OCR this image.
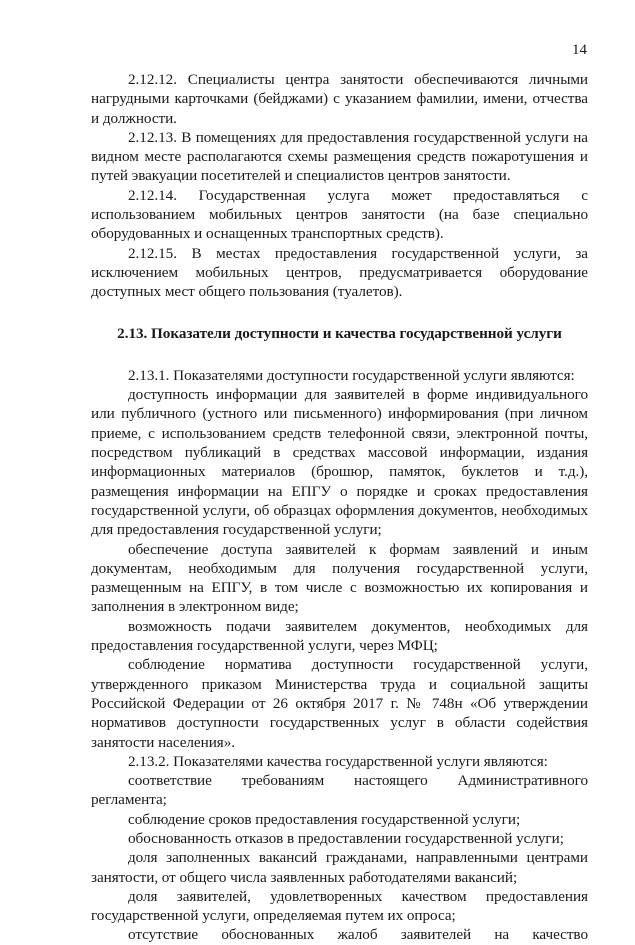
14

2.12.12. Специалисты центра занятости обеспечиваются личными нагрудными карточками (бейджами) с указанием фамилии, имени, отчества и должности.

2.12.13. В помещениях для предоставления государственной услуги на видном месте располагаются схемы размещения средств пожаротушения и путей эвакуации посетителей и специалистов центров занятости.

2.12.14. Государственная услуга может предоставляться с использованием мобильных центров занятости (на базе специально оборудованных и оснащенных транспортных средств).

2.12.15. В местах предоставления государственной услуги, за исключением мобильных центров, предусматривается оборудование доступных мест общего пользования (туалетов).

2.13. Показатели доступности и качества государственной услуги

2.13.1. Показателями доступности государственной услуги являются:

доступность информации для заявителей в форме индивидуального или публичного (устного или письменного) информирования (при личном приеме, с использованием средств телефонной связи, электронной почты, посредством публикаций в средствах массовой информации, издания информационных материалов (брошюр, памяток, буклетов и т.д.), размещения информации на ЕПГУ о порядке и сроках предоставления государственной услуги, об образцах оформления документов, необходимых для предоставления государственной услуги;

обеспечение доступа заявителей к формам заявлений и иным документам, необходимым для получения государственной услуги, размещенным на ЕПГУ, в том числе с возможностью их копирования и заполнения в электронном виде;

возможность подачи заявителем документов, необходимых для предоставления государственной услуги, через МФЦ;

соблюдение норматива доступности государственной услуги, утвержденного приказом Министерства труда и социальной защиты Российской Федерации от 26 октября 2017 г. № 748н «Об утверждении нормативов доступности государственных услуг в области содействия занятости населения».

2.13.2. Показателями качества государственной услуги являются:

соответствие требованиям настоящего Административного регламента;

соблюдение сроков предоставления государственной услуги;

обоснованность отказов в предоставлении государственной услуги;

доля заполненных вакансий гражданами, направленными центрами занятости, от общего числа заявленных работодателями вакансий;

доля заявителей, удовлетворенных качеством предоставления государственной услуги, определяемая путем их опроса;

отсутствие обоснованных жалоб заявителей на качество
